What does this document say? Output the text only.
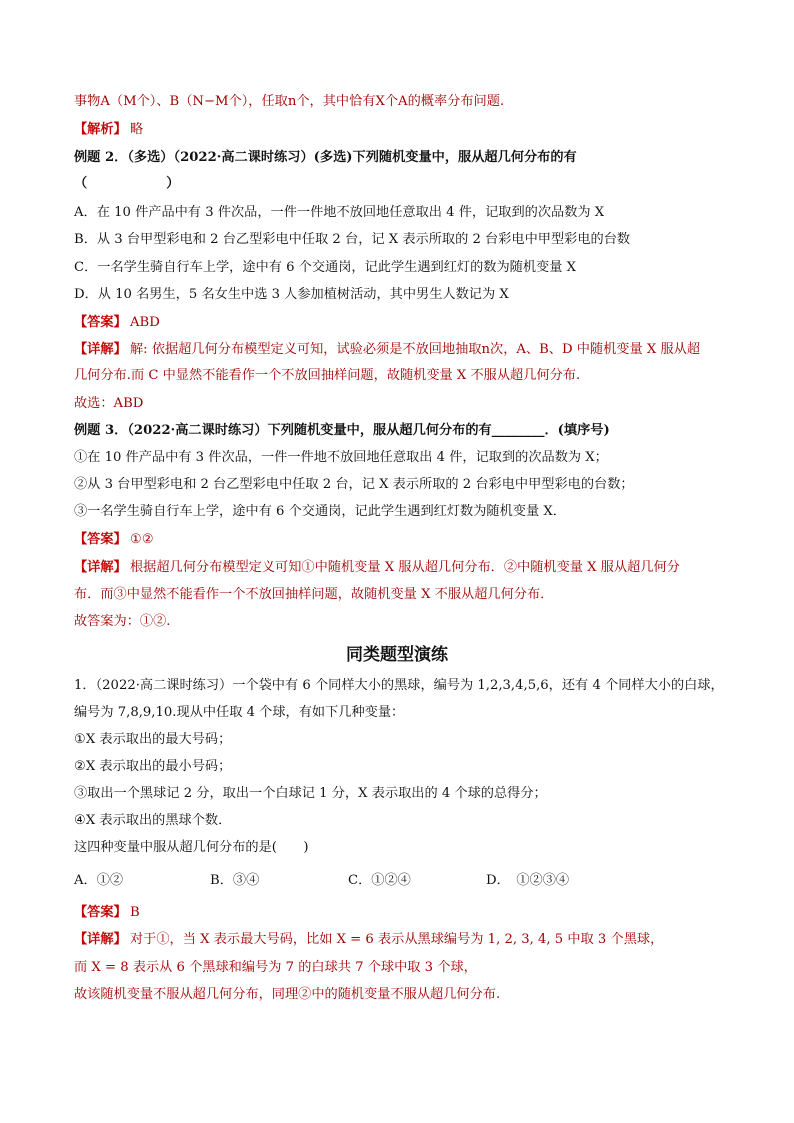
事物A（M个）、B（N−M个），任取n个，其中恰有X个A的概率分布问题.
【解析】 略
例题 2．（多选）（2022·高二课时练习）(多选)下列随机变量中，服从超几何分布的有
（　　　　　　）
A．在 10 件产品中有 3 件次品，一件一件地不放回地任意取出 4 件，记取到的次品数为 X
B．从 3 台甲型彩电和 2 台乙型彩电中任取 2 台，记 X 表示所取的 2 台彩电中甲型彩电的台数
C．一名学生骑自行车上学，途中有 6 个交通岗，记此学生遇到红灯的数为随机变量 X
D．从 10 名男生，5 名女生中选 3 人参加植树活动，其中男生人数记为 X
【答案】 ABD
【详解】 解: 依据超几何分布模型定义可知，试验必须是不放回地抽取n次，A、B、D 中随机变量 X 服从超
几何分布.而 C 中显然不能看作一个不放回抽样问题，故随机变量 X 不服从超几何分布.
故选：ABD
例题 3．（2022·高二课时练习）下列随机变量中，服从超几何分布的有________．(填序号)
①在 10 件产品中有 3 件次品，一件一件地不放回地任意取出 4 件，记取到的次品数为 X；
②从 3 台甲型彩电和 2 台乙型彩电中任取 2 台，记 X 表示所取的 2 台彩电中甲型彩电的台数；
③一名学生骑自行车上学，途中有 6 个交通岗，记此学生遇到红灯数为随机变量 X．
【答案】 ①②
【详解】 根据超几何分布模型定义可知①中随机变量 X 服从超几何分布．②中随机变量 X 服从超几何分
布．而③中显然不能看作一个不放回抽样问题，故随机变量 X 不服从超几何分布．
故答案为：①②.
1．（2022·高二课时练习）一个袋中有 6 个同样大小的黑球，编号为 1,2,3,4,5,6，还有 4 个同样大小的白球，
编号为 7,8,9,10.现从中任取 4 个球，有如下几种变量：
①X 表示取出的最大号码；
②X 表示取出的最小号码；
③取出一个黑球记 2 分，取出一个白球记 1 分，X 表示取出的 4 个球的总得分；
④X 表示取出的黑球个数．
这四种变量中服从超几何分布的是(　　)
【答案】 B
【详解】 对于①，当 X 表示最大号码，比如 X = 6 表示从黑球编号为 1, 2, 3, 4, 5 中取 3 个黑球，
而 X = 8 表示从 6 个黑球和编号为 7 的白球共 7 个球中取 3 个球，
故该随机变量不服从超几何分布，同理②中的随机变量不服从超几何分布.
同类题型演练
A．①②	B．③④	C．①②④	D．　①②③④
